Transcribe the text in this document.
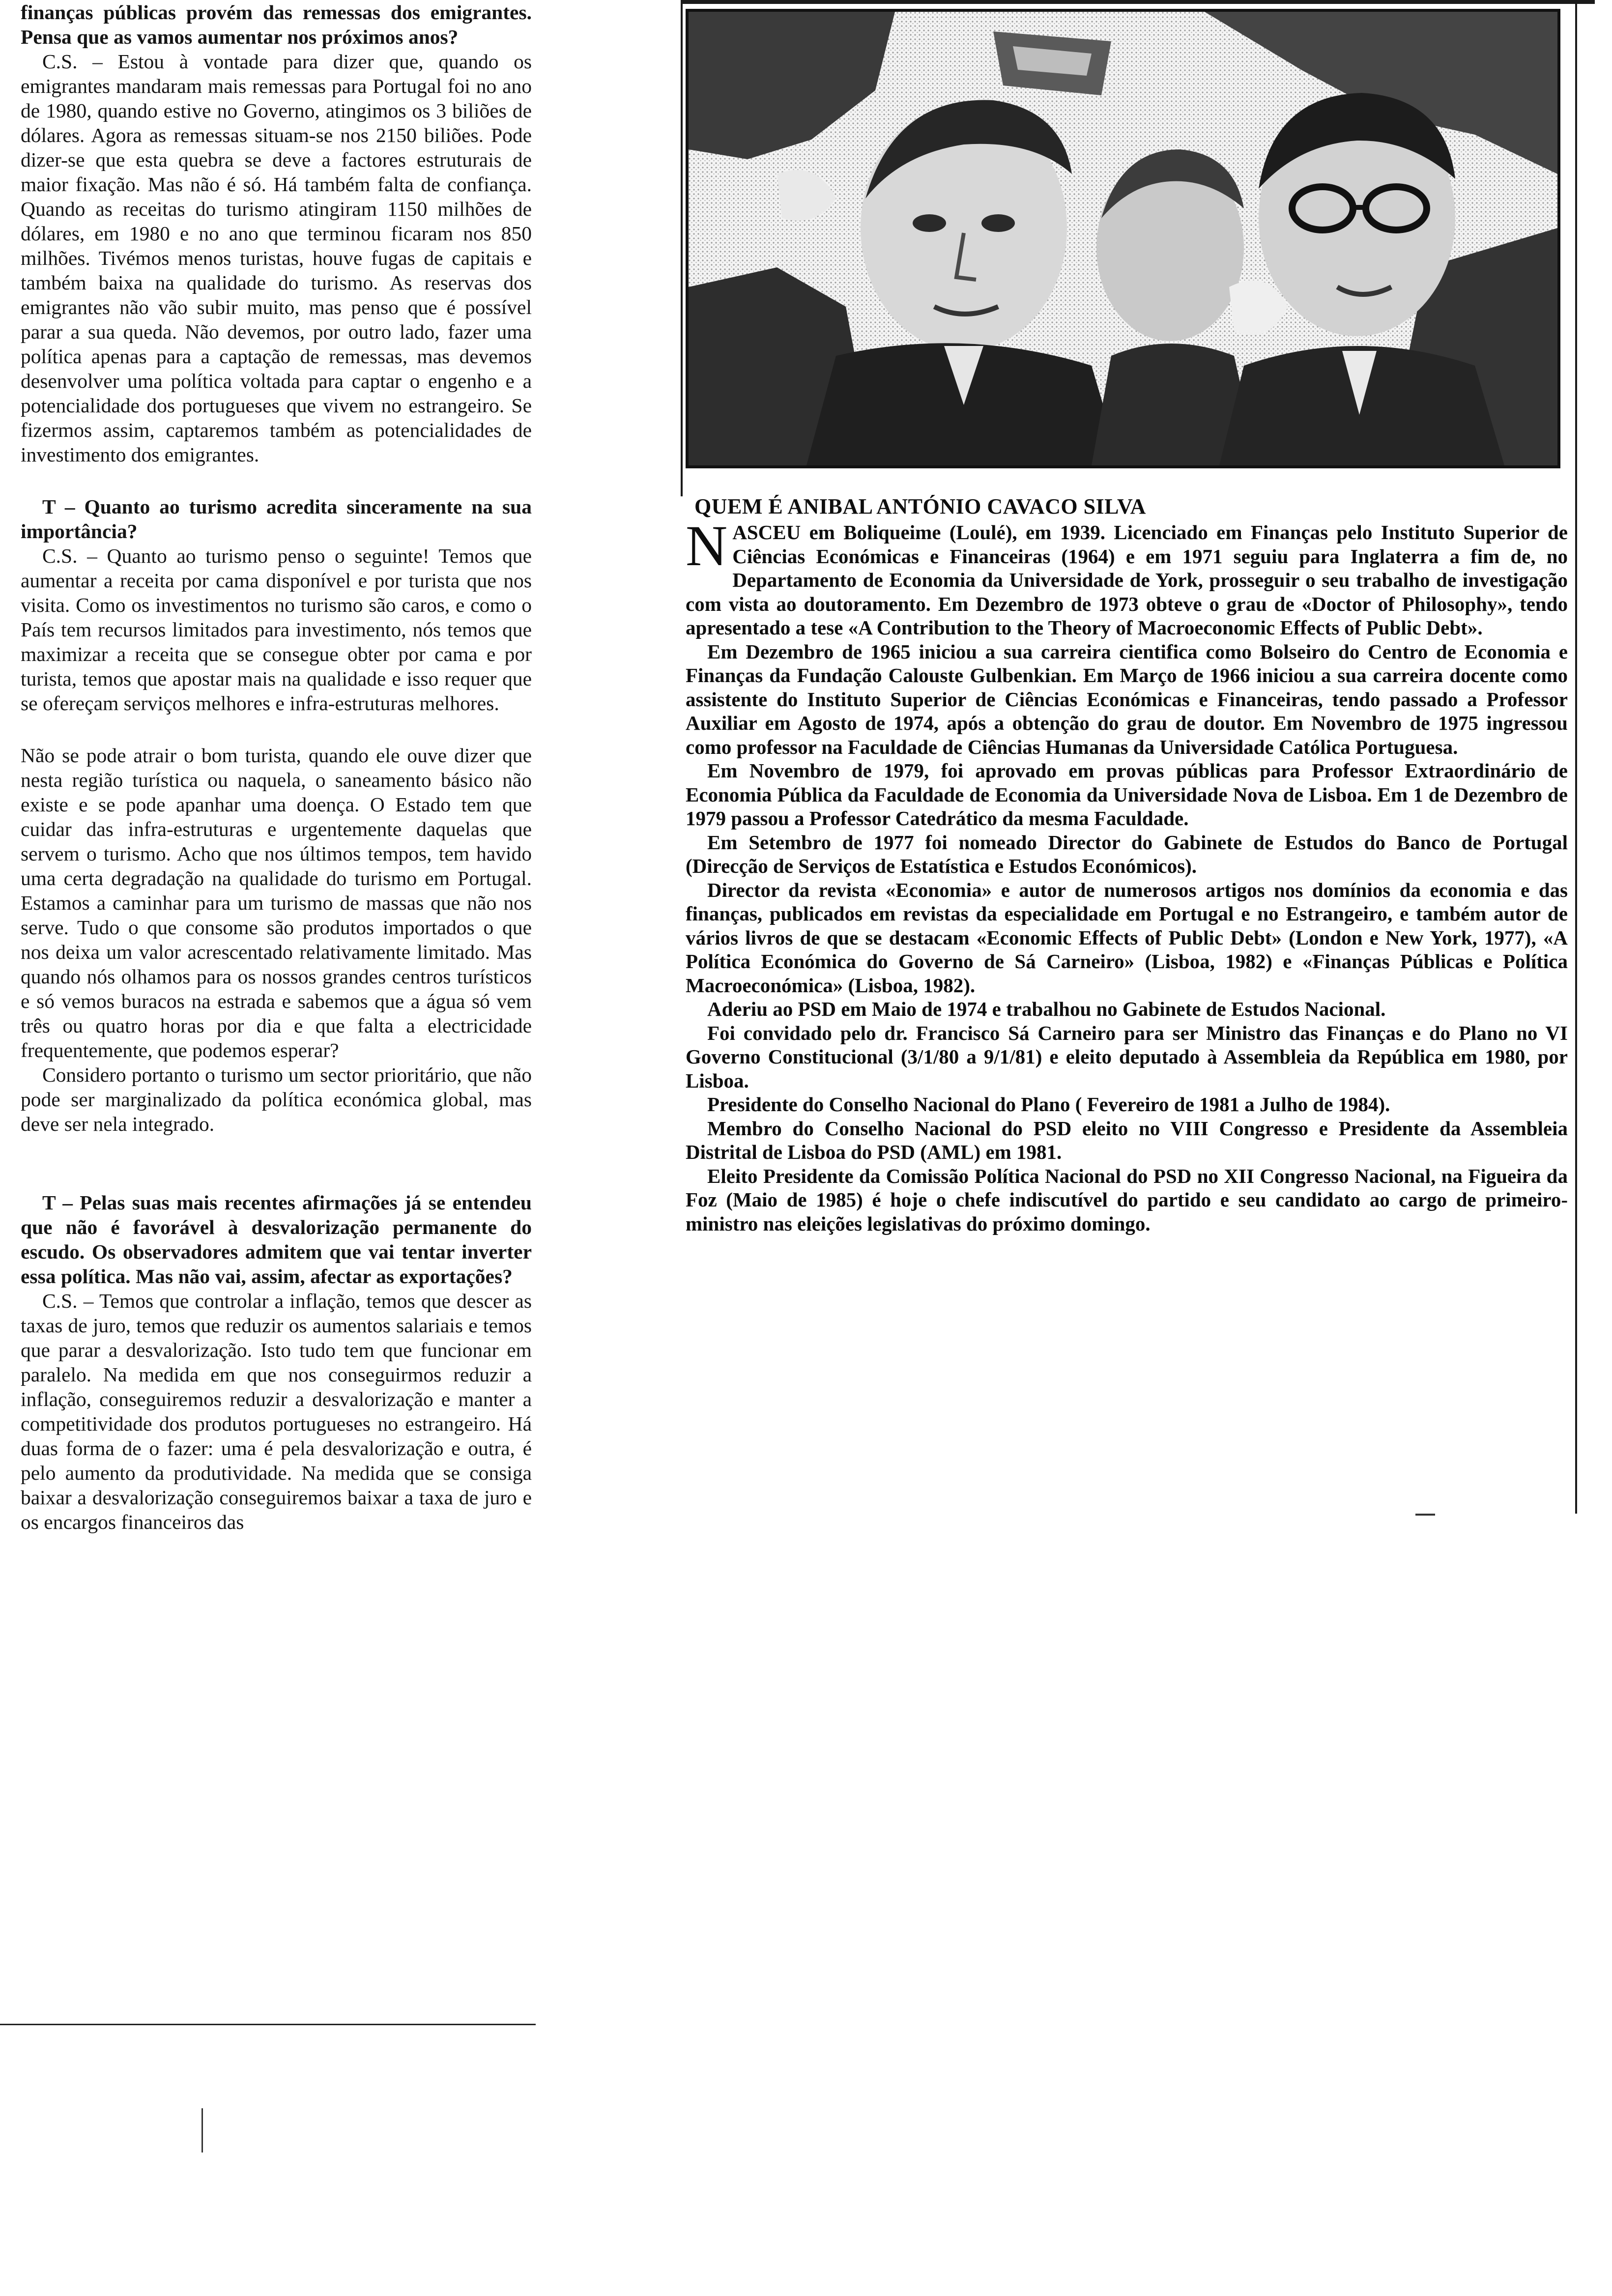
finanças públicas provém das remessas dos emigrantes. Pensa que as vamos aumentar nos próximos anos?

C.S. – Estou à vontade para dizer que, quando os emigrantes mandaram mais remessas para Portugal foi no ano de 1980, quando estive no Governo, atingimos os 3 biliões de dólares. Agora as remessas situam-se nos 2150 biliões. Pode dizer-se que esta quebra se deve a factores estruturais de maior fixação. Mas não é só. Há também falta de confiança. Quando as receitas do turismo atingiram 1150 milhões de dólares, em 1980 e no ano que terminou ficaram nos 850 milhões. Tivémos menos turistas, houve fugas de capitais e também baixa na qualidade do turismo. As reservas dos emigrantes não vão subir muito, mas penso que é possível parar a sua queda. Não devemos, por outro lado, fazer uma política apenas para a captação de remessas, mas devemos desenvolver uma política voltada para captar o engenho e a potencialidade dos portugueses que vivem no estrangeiro. Se fizermos assim, captaremos também as potencialidades de investimento dos emigrantes.

T – Quanto ao turismo acredita sinceramente na sua importância?

C.S. – Quanto ao turismo penso o seguinte! Temos que aumentar a receita por cama disponível e por turista que nos visita. Como os investimentos no turismo são caros, e como o País tem recursos limitados para investimento, nós temos que maximizar a receita que se consegue obter por cama e por turista, temos que apostar mais na qualidade e isso requer que se ofereçam serviços melhores e infra-estruturas melhores.

Não se pode atrair o bom turista, quando ele ouve dizer que nesta região turística ou naquela, o saneamento básico não existe e se pode apanhar uma doença. O Estado tem que cuidar das infra-estruturas e urgentemente daquelas que servem o turismo. Acho que nos últimos tempos, tem havido uma certa degradação na qualidade do turismo em Portugal. Estamos a caminhar para um turismo de massas que não nos serve. Tudo o que consome são produtos importados o que nos deixa um valor acrescentado relativamente limitado. Mas quando nós olhamos para os nossos grandes centros turísticos e só vemos buracos na estrada e sabemos que a água só vem três ou quatro horas por dia e que falta a electricidade frequentemente, que podemos esperar?

Considero portanto o turismo um sector prioritário, que não pode ser marginalizado da política económica global, mas deve ser nela integrado.

T – Pelas suas mais recentes afirmações já se entendeu que não é favorável à desvalorização permanente do escudo. Os observadores admitem que vai tentar inverter essa política. Mas não vai, assim, afectar as exportações?

C.S. – Temos que controlar a inflação, temos que descer as taxas de juro, temos que reduzir os aumentos salariais e temos que parar a desvalorização. Isto tudo tem que funcionar em paralelo. Na medida em que nos conseguirmos reduzir a inflação, conseguiremos reduzir a desvalorização e manter a competitividade dos produtos portugueses no estrangeiro. Há duas forma de o fazer: uma é pela desvalorização e outra, é pelo aumento da produtividade. Na medida que se consiga baixar a desvalorização conseguiremos baixar a taxa de juro e os encargos financeiros das

QUEM É ANIBAL ANTÓNIO CAVACO SILVA

NASCEU em Boliqueime (Loulé), em 1939. Licenciado em Finanças pelo Instituto Superior de Ciências Económicas e Financeiras (1964) e em 1971 seguiu para Inglaterra a fim de, no Departamento de Economia da Universidade de York, prosseguir o seu trabalho de investigação com vista ao doutoramento. Em Dezembro de 1973 obteve o grau de «Doctor of Philosophy», tendo apresentado a tese «A Contribution to the Theory of Macroeconomic Effects of Public Debt».

Em Dezembro de 1965 iniciou a sua carreira cientifica como Bolseiro do Centro de Economia e Finanças da Fundação Calouste Gulbenkian. Em Março de 1966 iniciou a sua carreira docente como assistente do Instituto Superior de Ciências Económicas e Financeiras, tendo passado a Professor Auxiliar em Agosto de 1974, após a obtenção do grau de doutor. Em Novembro de 1975 ingressou como professor na Faculdade de Ciências Humanas da Universidade Católica Portuguesa.

Em Novembro de 1979, foi aprovado em provas públicas para Professor Extraordinário de Economia Pública da Faculdade de Economia da Universidade Nova de Lisboa. Em 1 de Dezembro de 1979 passou a Professor Catedrático da mesma Faculdade.

Em Setembro de 1977 foi nomeado Director do Gabinete de Estudos do Banco de Portugal (Direcção de Serviços de Estatística e Estudos Económicos).

Director da revista «Economia» e autor de numerosos artigos nos domínios da economia e das finanças, publicados em revistas da especialidade em Portugal e no Estrangeiro, e também autor de vários livros de que se destacam «Economic Effects of Public Debt» (London e New York, 1977), «A Política Económica do Governo de Sá Carneiro» (Lisboa, 1982) e «Finanças Públicas e Política Macroeconómica» (Lisboa, 1982).

Aderiu ao PSD em Maio de 1974 e trabalhou no Gabinete de Estudos Nacional.

Foi convidado pelo dr. Francisco Sá Carneiro para ser Ministro das Finanças e do Plano no VI Governo Constitucional (3/1/80 a 9/1/81) e eleito deputado à Assembleia da República em 1980, por Lisboa.

Presidente do Conselho Nacional do Plano ( Fevereiro de 1981 a Julho de 1984).

Membro do Conselho Nacional do PSD eleito no VIII Congresso e Presidente da Assembleia Distrital de Lisboa do PSD (AML) em 1981.

Eleito Presidente da Comissão Política Nacional do PSD no XII Congresso Nacional, na Figueira da Foz (Maio de 1985) é hoje o chefe indiscutível do partido e seu candidato ao cargo de primeiro-ministro nas eleições legislativas do próximo domingo.
